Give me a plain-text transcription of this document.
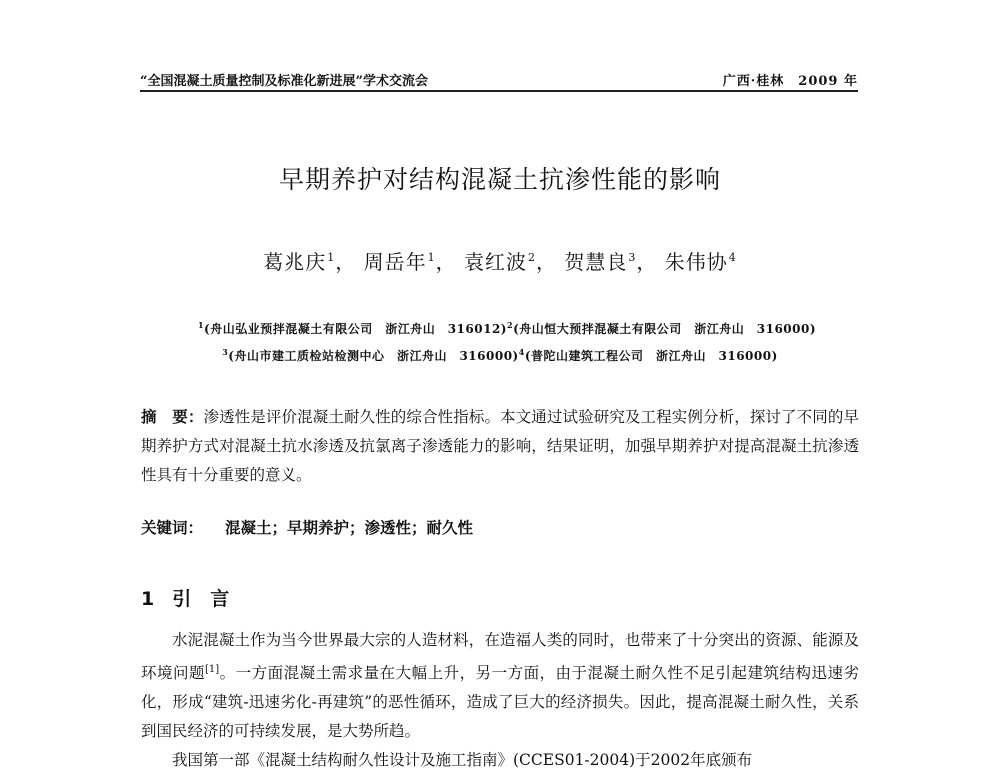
“全国混凝土质量控制及标准化新进展”学术交流会	广西·桂林　2009 年
早期养护对结构混凝土抗渗性能的影响
葛兆庆$^1$， 周岳年$^1$， 袁红波$^2$， 贺慧良$^3$， 朱伟协$^4$
$^1$(舟山弘业预拌混凝土有限公司　浙江舟山　316012)$^2$(舟山恒大预拌混凝土有限公司　浙江舟山　316000)
$^3$(舟山市建工质检站检测中心　浙江舟山　316000)$^4$(普陀山建筑工程公司　浙江舟山　316000)
摘　要：渗透性是评价混凝土耐久性的综合性指标。本文通过试验研究及工程实例分析，探讨了不同的早期养护方式对混凝土抗水渗透及抗氯离子渗透能力的影响，结果证明，加强早期养护对提高混凝土抗渗透性具有十分重要的意义。
关键词： 混凝土；早期养护；渗透性；耐久性
1 引　言

水泥混凝土作为当今世界最大宗的人造材料，在造福人类的同时，也带来了十分突出的资源、能源及环境问题[1]。一方面混凝土需求量在大幅上升，另一方面，由于混凝土耐久性不足引起建筑结构迅速劣化，形成“建筑-迅速劣化-再建筑”的恶性循环，造成了巨大的经济损失。因此，提高混凝土耐久性，关系到国民经济的可持续发展，是大势所趋。

我国第一部《混凝土结构耐久性设计及施工指南》(CCES01-2004)于2002年底颁布
